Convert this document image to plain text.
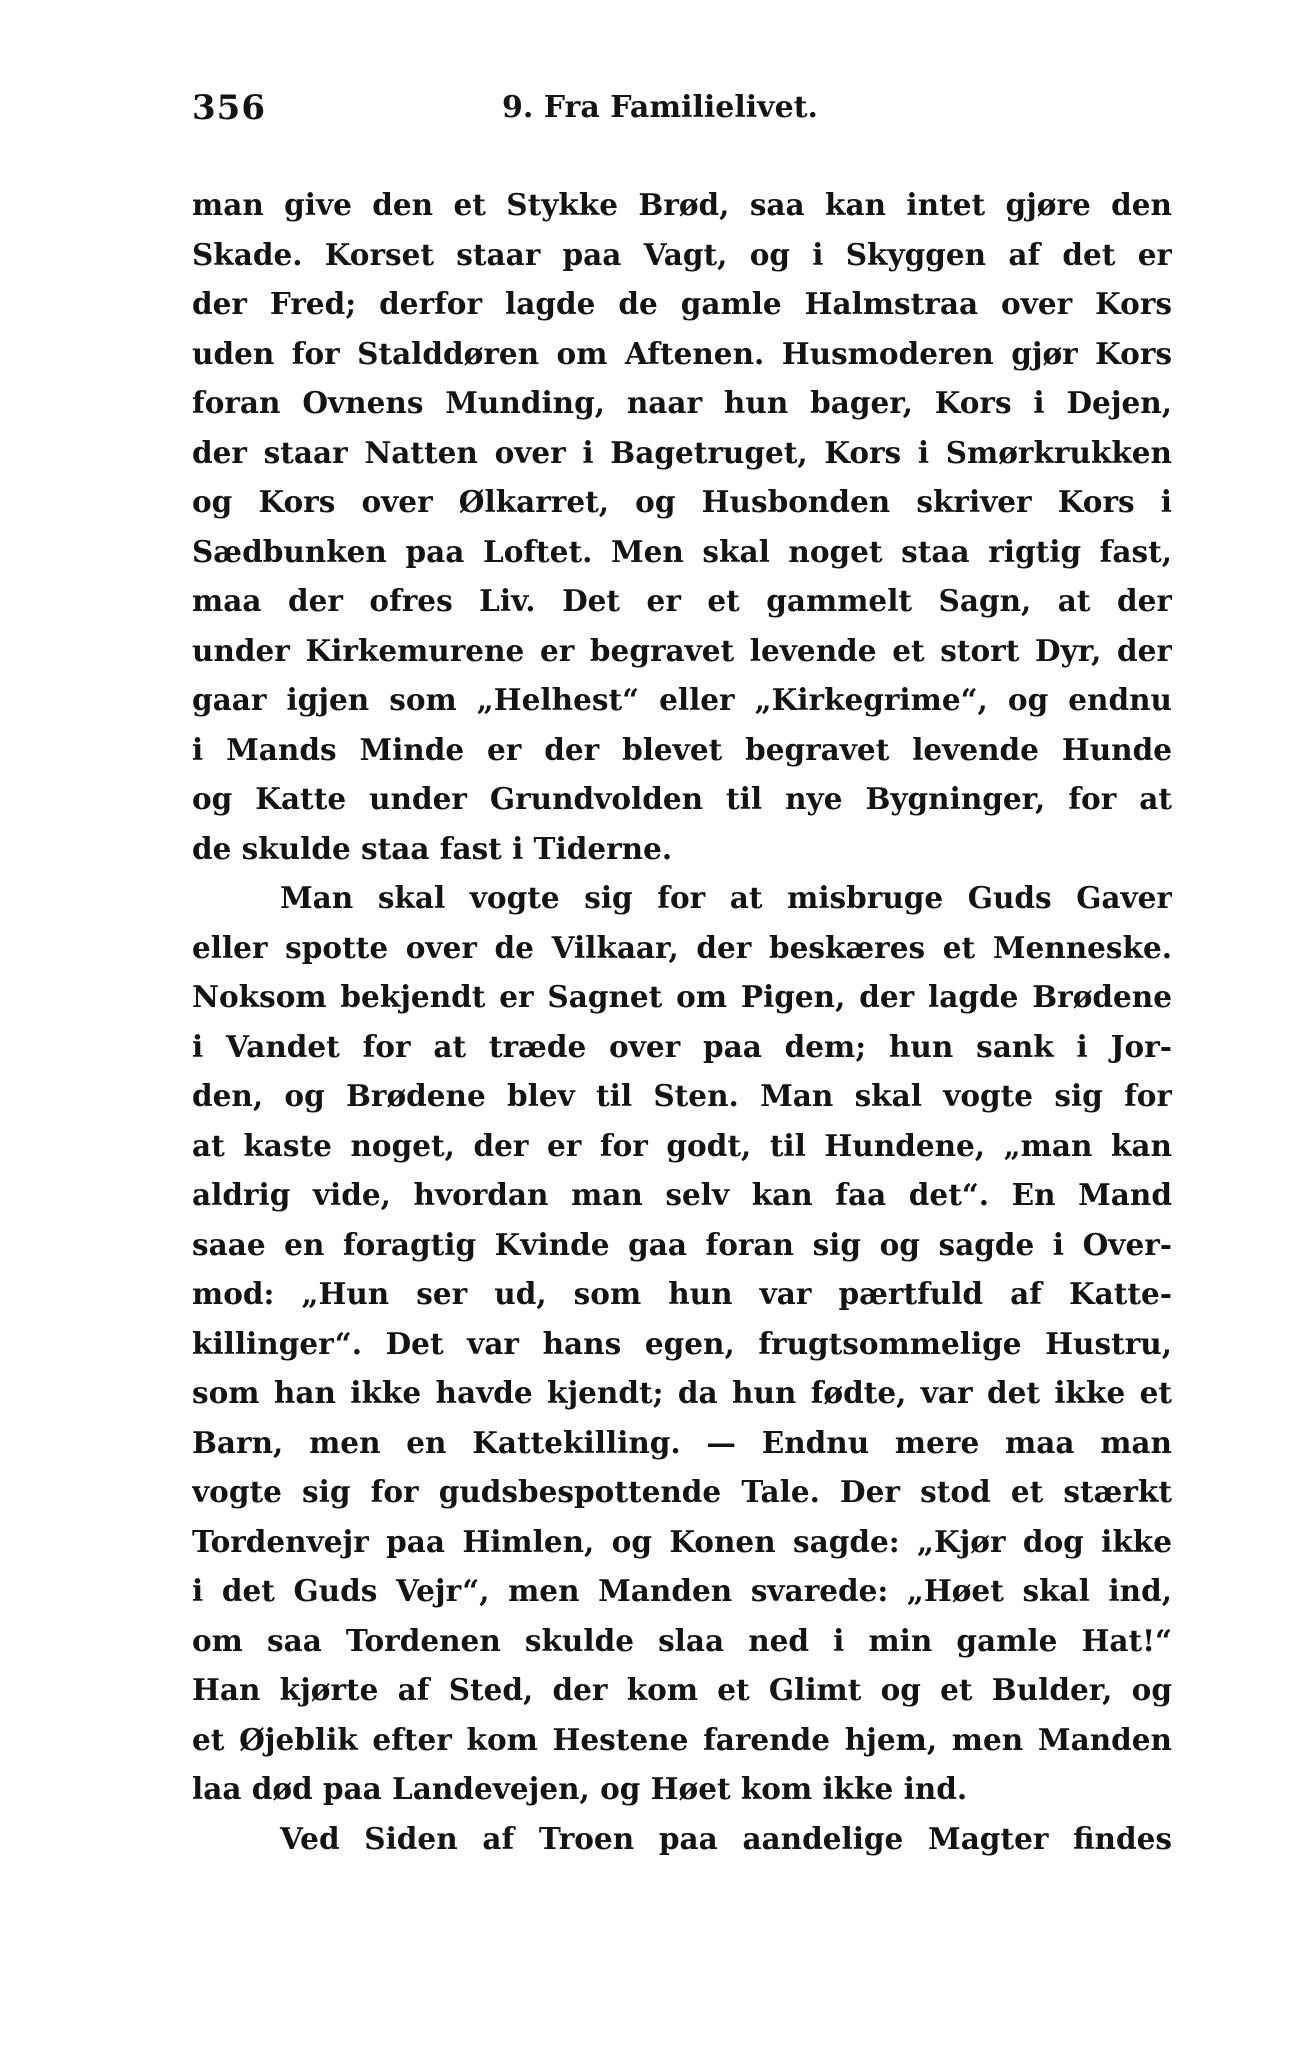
356	9. Fra Familielivet.
man give den et Stykke Brød, saa kan intet gjøre den
Skade. Korset staar paa Vagt, og i Skyggen af det er
der Fred; derfor lagde de gamle Halmstraa over Kors
uden for Stalddøren om Aftenen. Husmoderen gjør Kors
foran Ovnens Munding, naar hun bager, Kors i Dejen,
der staar Natten over i Bagetruget, Kors i Smørkrukken
og Kors over Ølkarret, og Husbonden skriver Kors i
Sædbunken paa Loftet. Men skal noget staa rigtig fast,
maa der ofres Liv. Det er et gammelt Sagn, at der
under Kirkemurene er begravet levende et stort Dyr, der
gaar igjen som „Helhest“ eller „Kirkegrime“, og endnu
i Mands Minde er der blevet begravet levende Hunde
og Katte under Grundvolden til nye Bygninger, for at
de skulde staa fast i Tiderne.
Man skal vogte sig for at misbruge Guds Gaver
eller spotte over de Vilkaar, der beskæres et Menneske.
Noksom bekjendt er Sagnet om Pigen, der lagde Brødene
i Vandet for at træde over paa dem; hun sank i Jor-
den, og Brødene blev til Sten. Man skal vogte sig for
at kaste noget, der er for godt, til Hundene, „man kan
aldrig vide, hvordan man selv kan faa det“. En Mand
saae en foragtig Kvinde gaa foran sig og sagde i Over-
mod: „Hun ser ud, som hun var pærtfuld af Katte-
killinger“. Det var hans egen, frugtsommelige Hustru,
som han ikke havde kjendt; da hun fødte, var det ikke et
Barn, men en Kattekilling. — Endnu mere maa man
vogte sig for gudsbespottende Tale. Der stod et stærkt
Tordenvejr paa Himlen, og Konen sagde: „Kjør dog ikke
i det Guds Vejr“, men Manden svarede: „Høet skal ind,
om saa Tordenen skulde slaa ned i min gamle Hat!“
Han kjørte af Sted, der kom et Glimt og et Bulder, og
et Øjeblik efter kom Hestene farende hjem, men Manden
laa død paa Landevejen, og Høet kom ikke ind.
Ved Siden af Troen paa aandelige Magter findes
